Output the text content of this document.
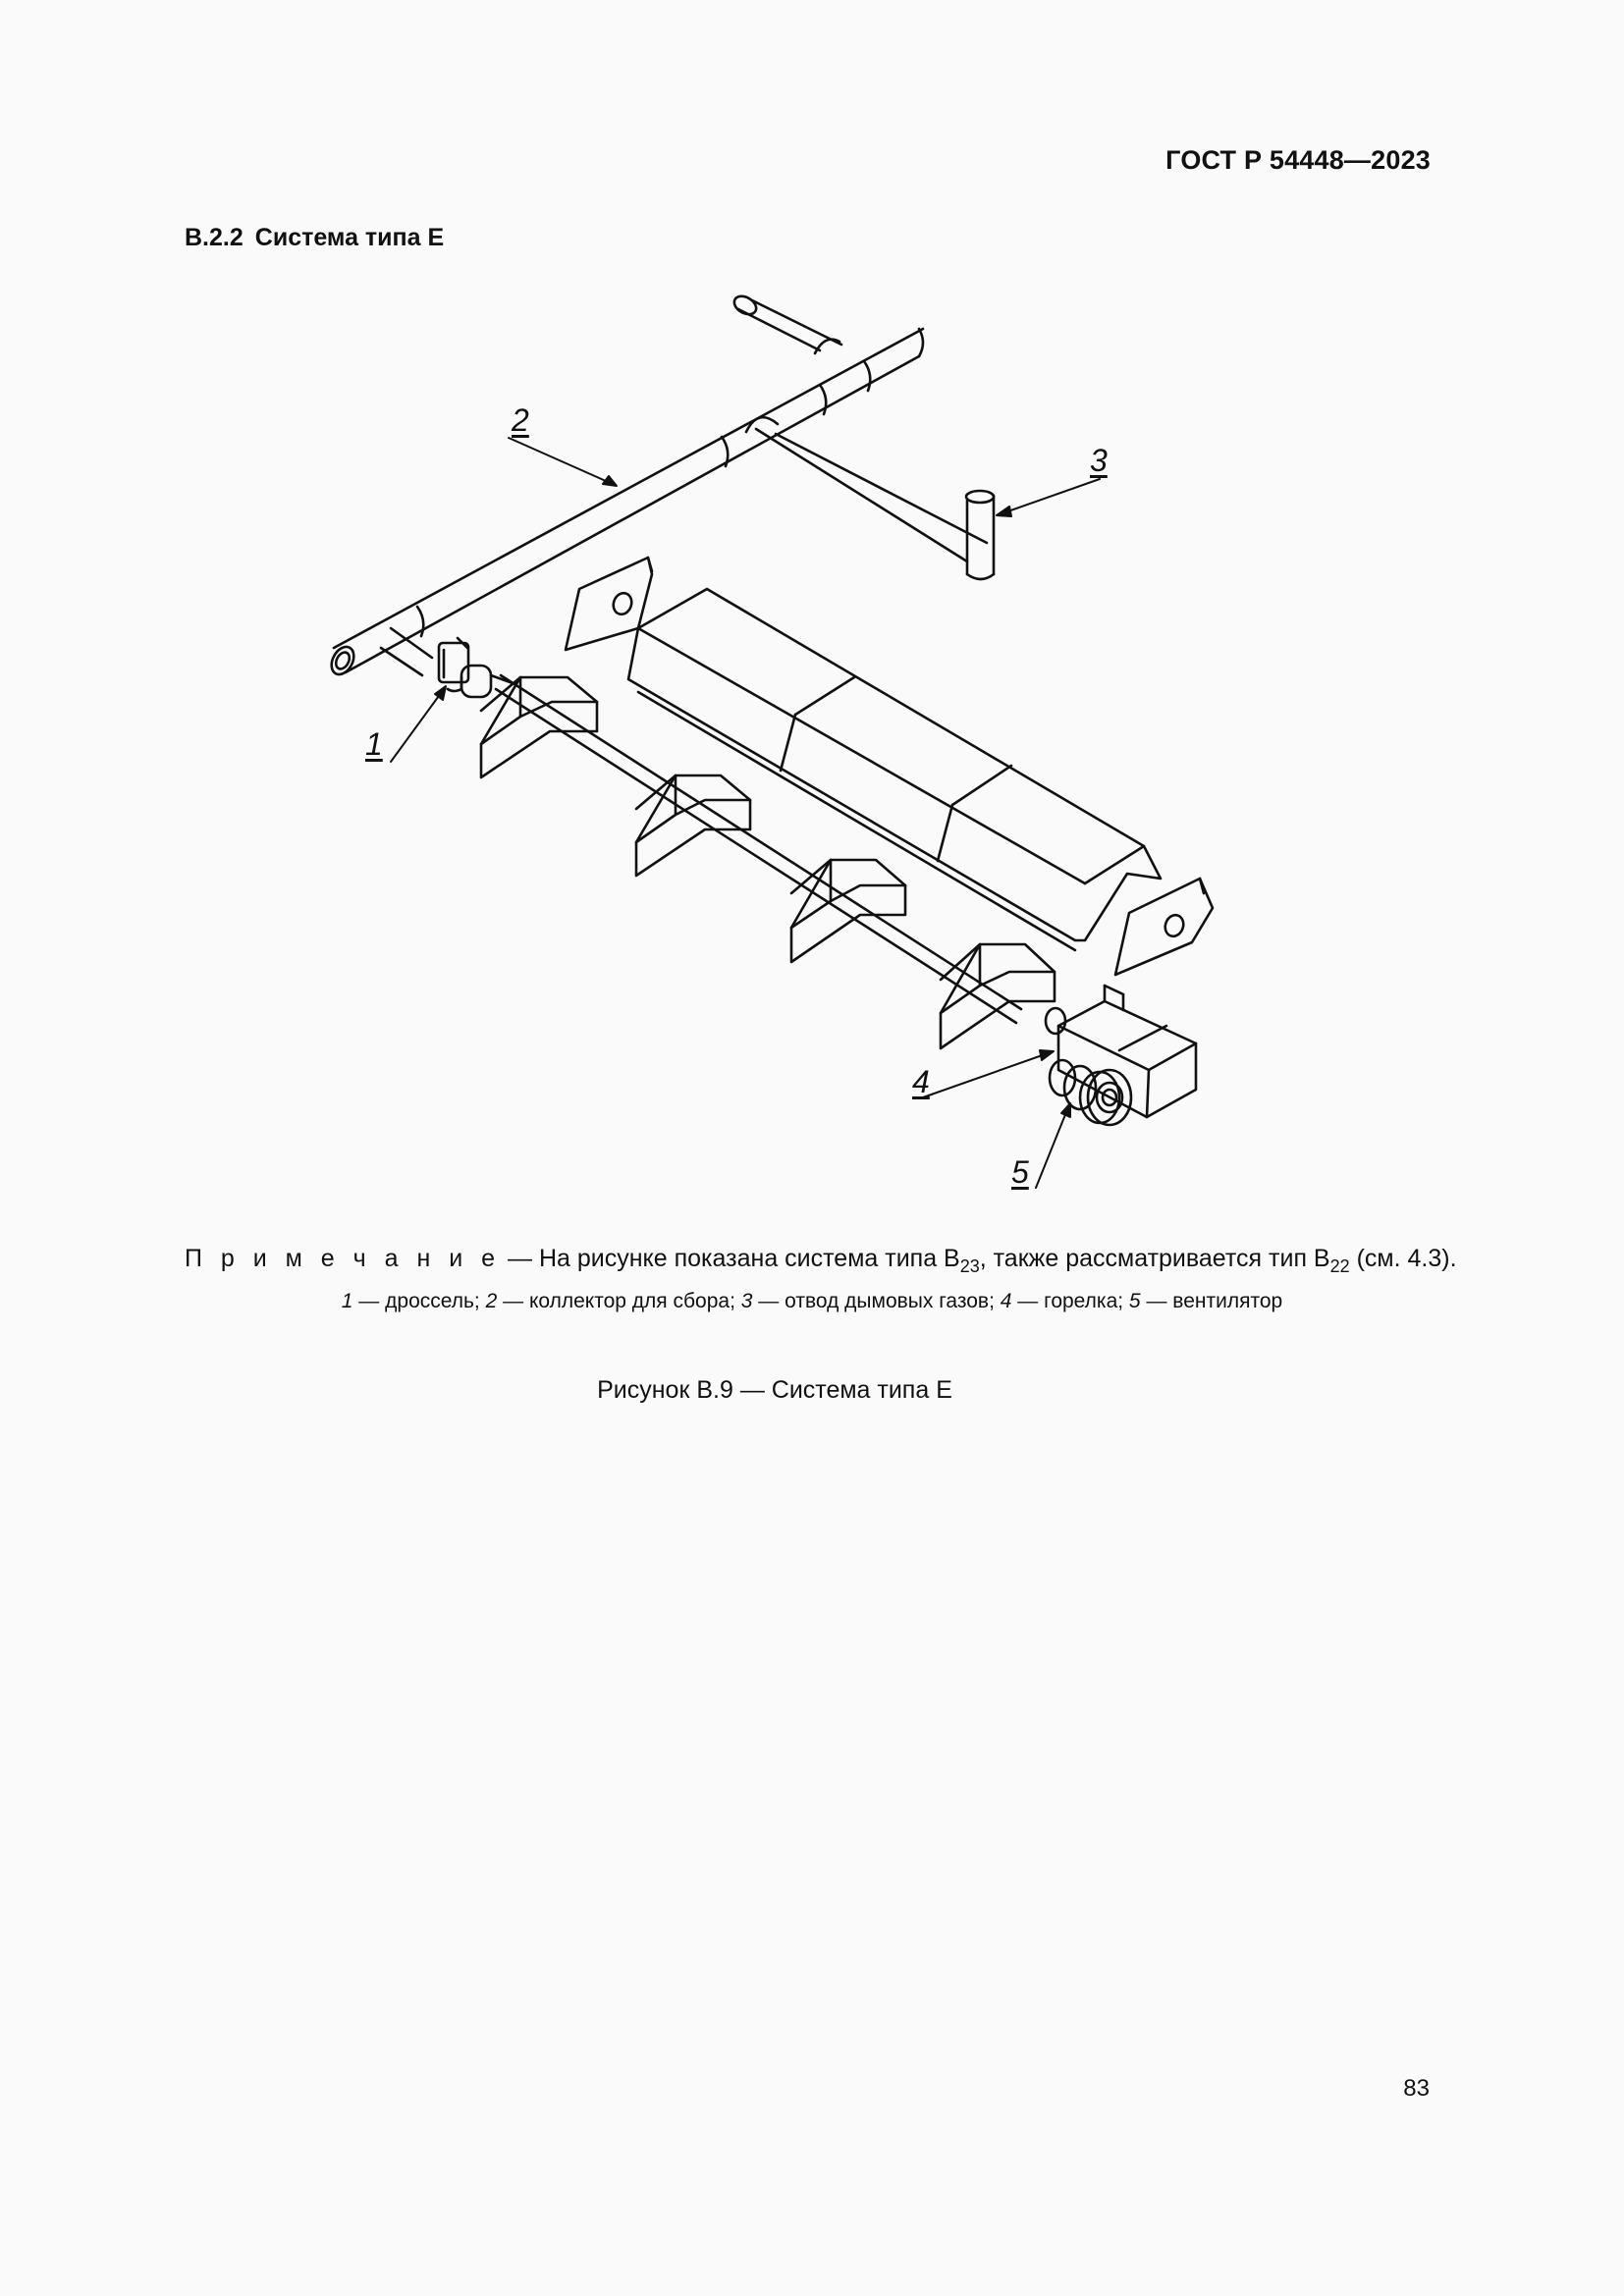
ГОСТ Р 54448—2023
В.2.2 Система типа Е
2
3
1
4
5
П р и м е ч а н и е — На рисунке показана система типа $В_{23}$, также рассматривается тип $В_{22}$ (см. 4.3).
1 — дроссель; 2 — коллектор для сбора; 3 — отвод дымовых газов; 4 — горелка; 5 — вентилятор
Рисунок В.9 — Система типа Е
83
